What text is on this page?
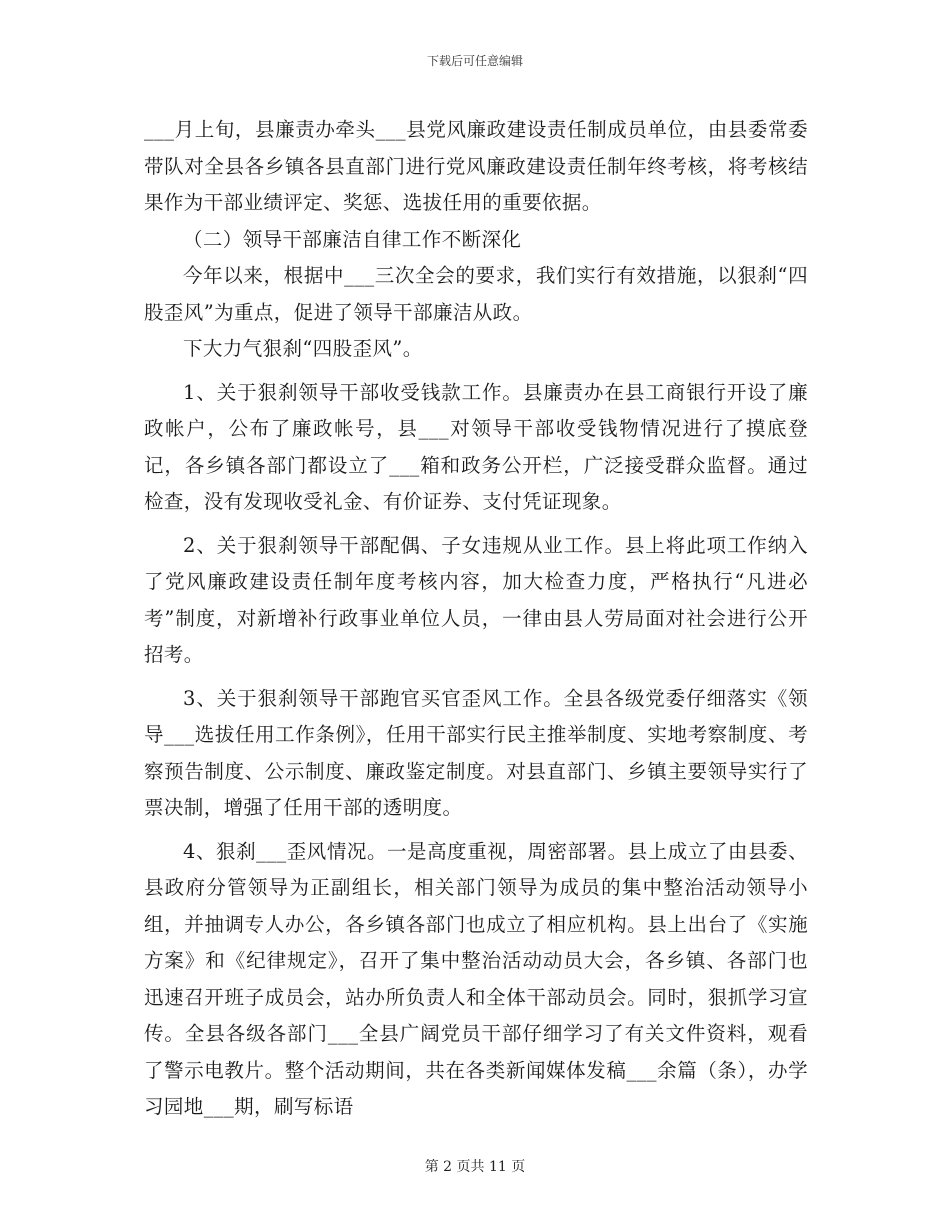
下载后可任意编辑

___月上旬，县廉责办牵头___县党风廉政建设责任制成员单位，由县委常委带队对全县各乡镇各县直部门进行党风廉政建设责任制年终考核，将考核结果作为干部业绩评定、奖惩、选拔任用的重要依据。

（二）领导干部廉洁自律工作不断深化

今年以来，根据中___三次全会的要求，我们实行有效措施，以狠刹“四股歪风”为重点，促进了领导干部廉洁从政。

下大力气狠刹“四股歪风”。

1、关于狠刹领导干部收受钱款工作。县廉责办在县工商银行开设了廉政帐户，公布了廉政帐号，县___对领导干部收受钱物情况进行了摸底登记，各乡镇各部门都设立了___箱和政务公开栏，广泛接受群众监督。通过检查，没有发现收受礼金、有价证券、支付凭证现象。

2、关于狠刹领导干部配偶、子女违规从业工作。县上将此项工作纳入了党风廉政建设责任制年度考核内容，加大检查力度，严格执行“凡进必考”制度，对新增补行政事业单位人员，一律由县人劳局面对社会进行公开招考。

3、关于狠刹领导干部跑官买官歪风工作。全县各级党委仔细落实《领导___选拔任用工作条例》，任用干部实行民主推举制度、实地考察制度、考察预告制度、公示制度、廉政鉴定制度。对县直部门、乡镇主要领导实行了票决制，增强了任用干部的透明度。

4、狠刹___歪风情况。一是高度重视，周密部署。县上成立了由县委、县政府分管领导为正副组长，相关部门领导为成员的集中整治活动领导小组，并抽调专人办公，各乡镇各部门也成立了相应机构。县上出台了《实施方案》和《纪律规定》，召开了集中整治活动动员大会，各乡镇、各部门也迅速召开班子成员会，站办所负责人和全体干部动员会。同时，狠抓学习宣传。全县各级各部门___全县广阔党员干部仔细学习了有关文件资料，观看了警示电教片。整个活动期间，共在各类新闻媒体发稿___余篇（条），办学习园地___期，刷写标语

第 2 页共 11 页
